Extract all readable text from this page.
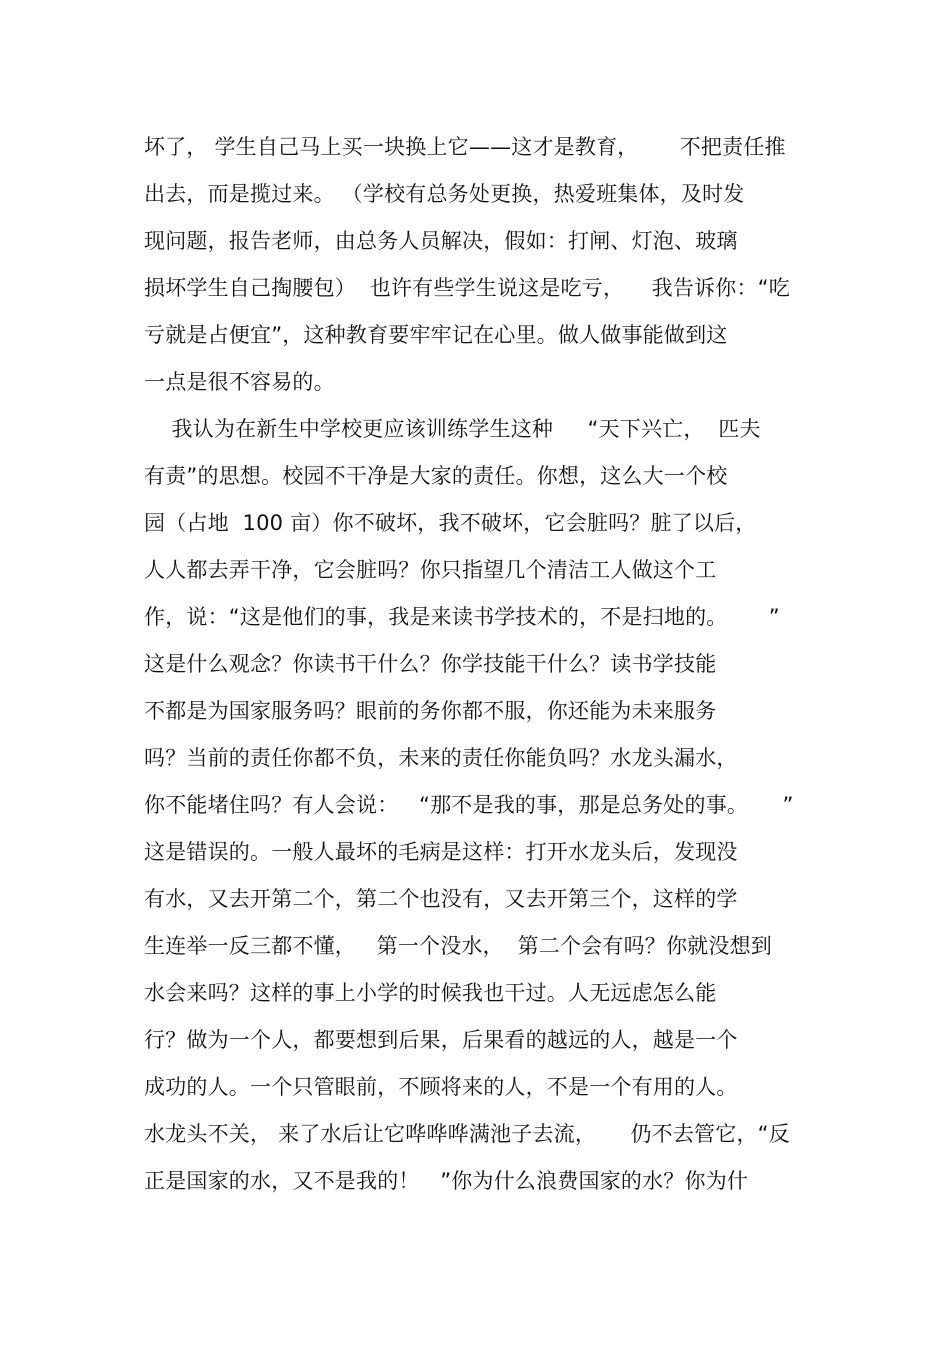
坏了， 学生自己马上买一块换上它——这才是教育，      不把责任推
出去，而是揽过来。 （学校有总务处更换，热爱班集体，及时发
现问题，报告老师，由总务人员解决，假如：打闸、灯泡、玻璃
损坏学生自己掏腰包）  也许有些学生说这是吃亏，    我告诉你：“吃
亏就是占便宜”，这种教育要牢牢记在心里。做人做事能做到这
一点是很不容易的。
我认为在新生中学校更应该训练学生这种     “天下兴亡，  匹夫
有责”的思想。校园不干净是大家的责任。你想，这么大一个校
园（占地  100 亩）你不破坏，我不破坏，它会脏吗？脏了以后，
人人都去弄干净，它会脏吗？你只指望几个清洁工人做这个工
作，说：“这是他们的事，我是来读书学技术的，不是扫地的。      ”
这是什么观念？你读书干什么？你学技能干什么？读书学技能
不都是为国家服务吗？眼前的务你都不服，你还能为未来服务
吗？当前的责任你都不负，未来的责任你能负吗？水龙头漏水，
你不能堵住吗？有人会说：   “那不是我的事，那是总务处的事。     ”
这是错误的。一般人最坏的毛病是这样：打开水龙头后，发现没
有水，又去开第二个，第二个也没有，又去开第三个，这样的学
生连举一反三都不懂，   第一个没水，  第二个会有吗？你就没想到
水会来吗？这样的事上小学的时候我也干过。人无远虑怎么能
行？做为一个人，都要想到后果，后果看的越远的人，越是一个
成功的人。一个只管眼前，不顾将来的人，不是一个有用的人。
水龙头不关， 来了水后让它哗哗哗满池子去流，     仍不去管它，“反
正是国家的水，又不是我的！   ”你为什么浪费国家的水？你为什
